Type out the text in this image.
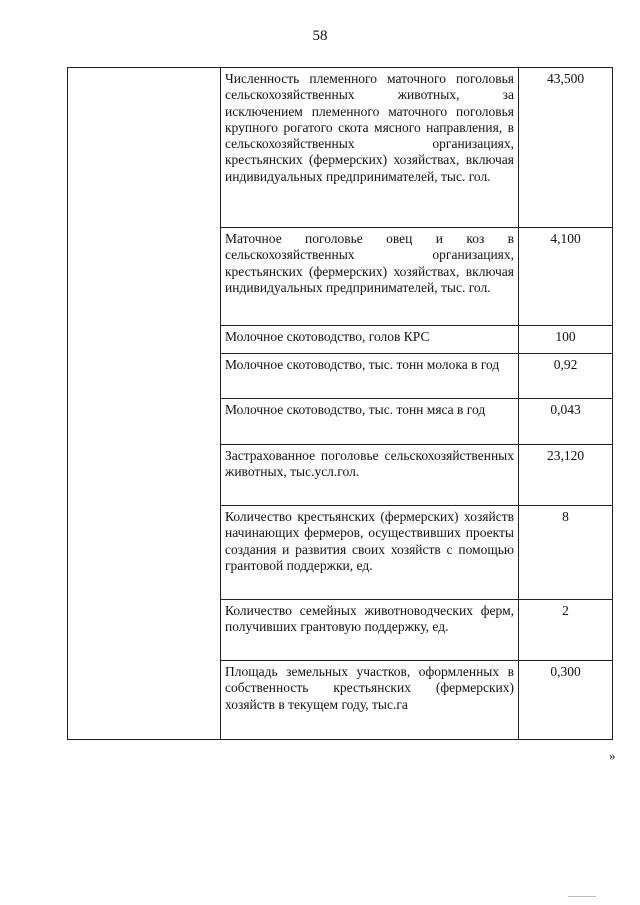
58
	Численность племенного маточного поголовья сельскохозяйственных животных, за исключением племенного маточного поголовья крупного рогатого скота мясного направления, в сельскохозяйственных организациях, крестьянских (фермерских) хозяйствах, включая индивидуальных предпринимателей, тыс. гол.	43,500
	Маточное поголовье овец и коз в сельскохозяйственных организациях, крестьянских (фермерских) хозяйствах, включая индивидуальных предпринимателей, тыс. гол.	4,100
	Молочное скотоводство, голов КРС	100
	Молочное скотоводство, тыс. тонн молока в год	0,92
	Молочное скотоводство, тыс. тонн мяса в год	0,043
	Застрахованное поголовье сельскохозяйственных животных, тыс.усл.гол.	23,120
	Количество крестьянских (фермерских) хозяйств начинающих фермеров, осуществивших проекты создания и развития своих хозяйств с помощью грантовой поддержки, ед.	8
	Количество семейных животноводческих ферм, получивших грантовую поддержку, ед.	2
	Площадь земельных участков, оформленных в собственность крестьянских (фермерских) хозяйств в текущем году, тыс.га	0,300
»
